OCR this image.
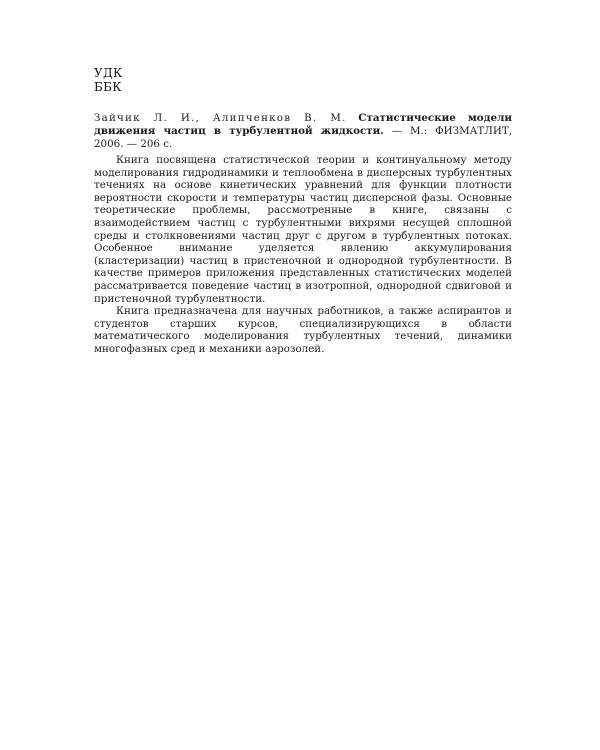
УДК
ББК
Зайчик Л. И., Алипченков В. М. Статистические модели движения частиц в турбулентной жидкости. — М.: ФИЗМАТЛИТ, 2006. — 206 с.

Книга посвящена статистической теории и континуальному методу моделирования гидродинамики и теплообмена в дисперсных турбулентных течениях на основе кинетических уравнений для функции плотности вероятности скорости и температуры частиц дисперсной фазы. Основные теоретические проблемы, рассмотренные в книге, связаны с взаимодействием частиц с турбулентными вихрями несущей сплошной среды и столкновениями частиц друг с другом в турбулентных потоках. Особенное внимание уделяется явлению аккумулирования (кластеризации) частиц в пристеночной и однородной турбулентности. В качестве примеров приложения представленных статистических моделей рассматривается поведение частиц в изотропной, однородной сдвиговой и пристеночной турбулентности.

Книга предназначена для научных работников, а также аспирантов и студентов старших курсов, специализирующихся в области математического моделирования турбулентных течений, динамики многофазных сред и механики аэрозолей.
